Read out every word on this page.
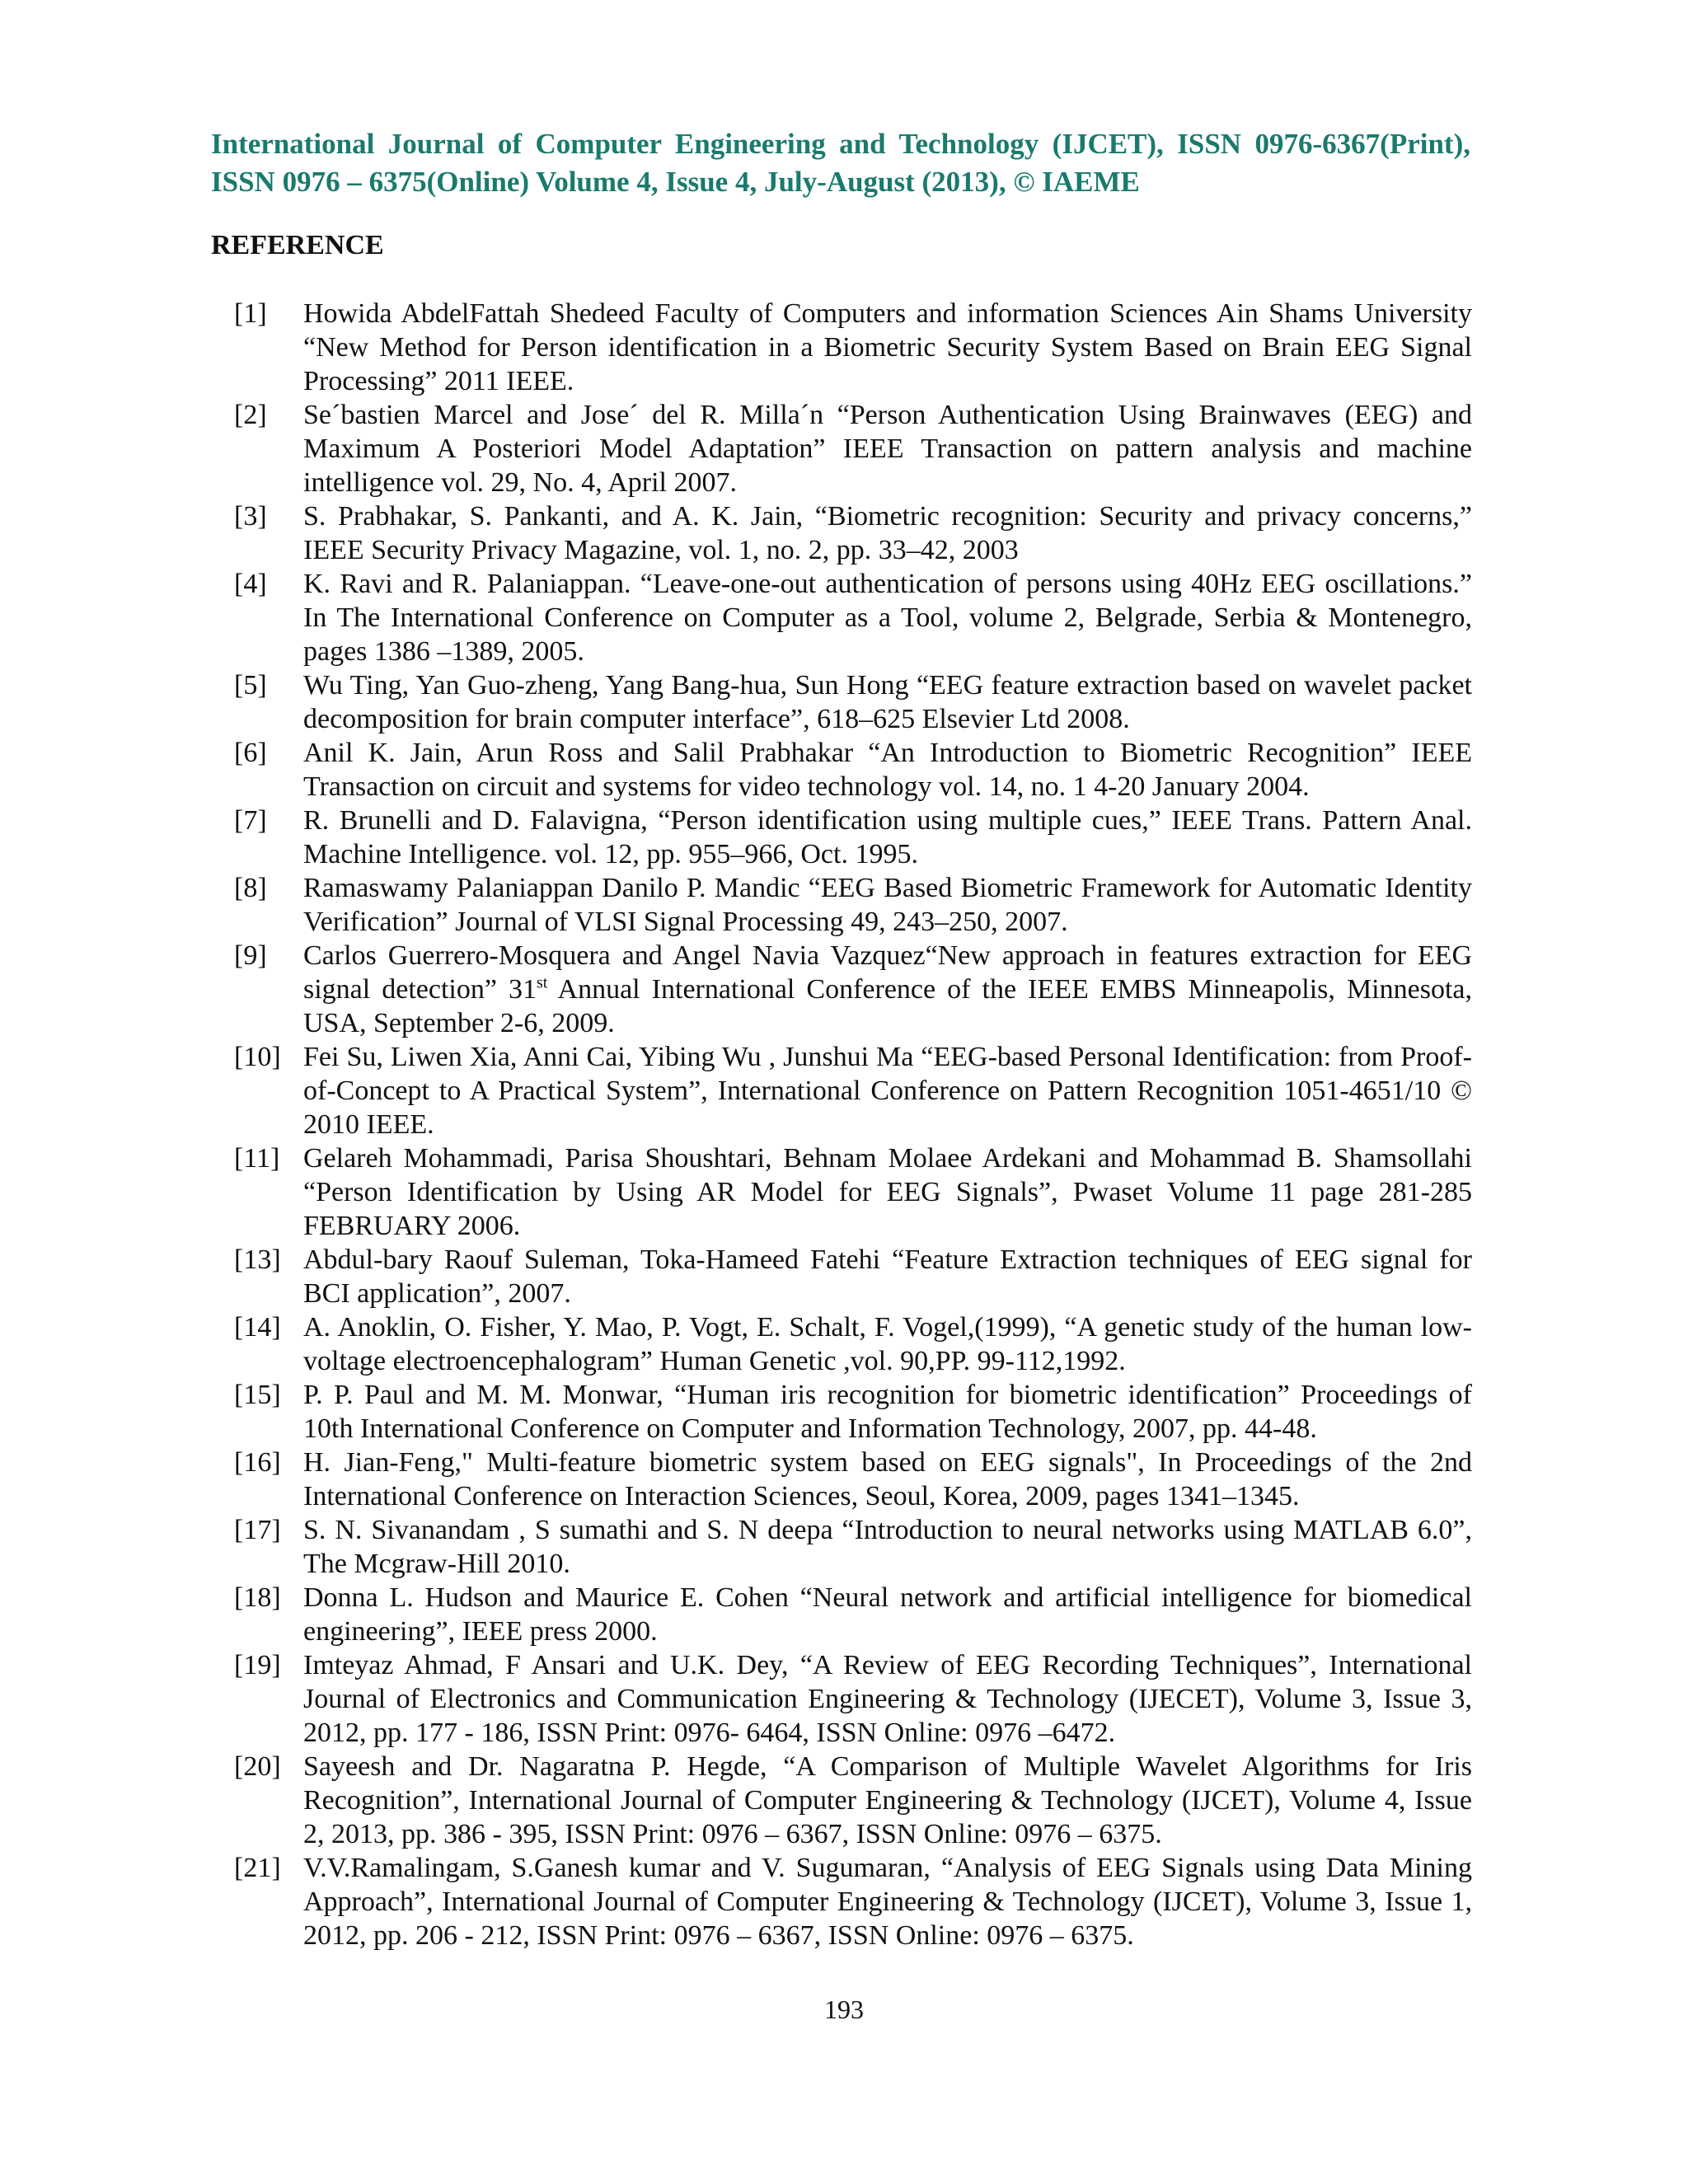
International Journal of Computer Engineering and Technology (IJCET), ISSN 0976-6367(Print), ISSN 0976 – 6375(Online) Volume 4, Issue 4, July-August (2013), © IAEME
REFERENCE
[1] Howida AbdelFattah Shedeed Faculty of Computers and information Sciences Ain Shams University “New Method for Person identification in a Biometric Security System Based on Brain EEG Signal Processing” 2011 IEEE.
[2] Se´bastien Marcel and Jose´ del R. Milla´n “Person Authentication Using Brainwaves (EEG) and Maximum A Posteriori Model Adaptation” IEEE Transaction on pattern analysis and machine intelligence vol. 29, No. 4, April 2007.
[3] S. Prabhakar, S. Pankanti, and A. K. Jain, “Biometric recognition: Security and privacy concerns,” IEEE Security Privacy Magazine, vol. 1, no. 2, pp. 33–42, 2003
[4] K. Ravi and R. Palaniappan. “Leave-one-out authentication of persons using 40Hz EEG oscillations.” In The International Conference on Computer as a Tool, volume 2, Belgrade, Serbia & Montenegro, pages 1386 –1389, 2005.
[5] Wu Ting, Yan Guo-zheng, Yang Bang-hua, Sun Hong “EEG feature extraction based on wavelet packet decomposition for brain computer interface”, 618–625 Elsevier Ltd 2008.
[6] Anil K. Jain, Arun Ross and Salil Prabhakar “An Introduction to Biometric Recognition” IEEE Transaction on circuit and systems for video technology vol. 14, no. 1 4-20 January 2004.
[7] R. Brunelli and D. Falavigna, “Person identification using multiple cues,” IEEE Trans. Pattern Anal. Machine Intelligence. vol. 12, pp. 955–966, Oct. 1995.
[8] Ramaswamy Palaniappan Danilo P. Mandic “EEG Based Biometric Framework for Automatic Identity Verification” Journal of VLSI Signal Processing 49, 243–250, 2007.
[9] Carlos Guerrero-Mosquera and Angel Navia Vazquez“New approach in features extraction for EEG signal detection” 31st Annual International Conference of the IEEE EMBS Minneapolis, Minnesota, USA, September 2-6, 2009.
[10] Fei Su, Liwen Xia, Anni Cai, Yibing Wu , Junshui Ma “EEG-based Personal Identification: from Proof-of-Concept to A Practical System”, International Conference on Pattern Recognition 1051-4651/10 © 2010 IEEE.
[11] Gelareh Mohammadi, Parisa Shoushtari, Behnam Molaee Ardekani and Mohammad B. Shamsollahi “Person Identification by Using AR Model for EEG Signals”, Pwaset Volume 11 page 281-285 FEBRUARY 2006.
[13] Abdul-bary Raouf Suleman, Toka-Hameed Fatehi “Feature Extraction techniques of EEG signal for BCI application”, 2007.
[14] A. Anoklin, O. Fisher, Y. Mao, P. Vogt, E. Schalt, F. Vogel,(1999), “A genetic study of the human low-voltage electroencephalogram” Human Genetic ,vol. 90,PP. 99-112,1992.
[15] P. P. Paul and M. M. Monwar, “Human iris recognition for biometric identification” Proceedings of 10th International Conference on Computer and Information Technology, 2007, pp. 44-48.
[16] H. Jian-Feng," Multi-feature biometric system based on EEG signals", In Proceedings of the 2nd International Conference on Interaction Sciences, Seoul, Korea, 2009, pages 1341–1345.
[17] S. N. Sivanandam , S sumathi and S. N deepa “Introduction to neural networks using MATLAB 6.0”, The Mcgraw-Hill 2010.
[18] Donna L. Hudson and Maurice E. Cohen “Neural network and artificial intelligence for biomedical engineering”, IEEE press 2000.
[19] Imteyaz Ahmad, F Ansari and U.K. Dey, “A Review of EEG Recording Techniques”, International Journal of Electronics and Communication Engineering & Technology (IJECET), Volume 3, Issue 3, 2012, pp. 177 - 186, ISSN Print: 0976- 6464, ISSN Online: 0976 –6472.
[20] Sayeesh and Dr. Nagaratna P. Hegde, “A Comparison of Multiple Wavelet Algorithms for Iris Recognition”, International Journal of Computer Engineering & Technology (IJCET), Volume 4, Issue 2, 2013, pp. 386 - 395, ISSN Print: 0976 – 6367, ISSN Online: 0976 – 6375.
[21] V.V.Ramalingam, S.Ganesh kumar and V. Sugumaran, “Analysis of EEG Signals using Data Mining Approach”, International Journal of Computer Engineering & Technology (IJCET), Volume 3, Issue 1, 2012, pp. 206 - 212, ISSN Print: 0976 – 6367, ISSN Online: 0976 – 6375.
193
